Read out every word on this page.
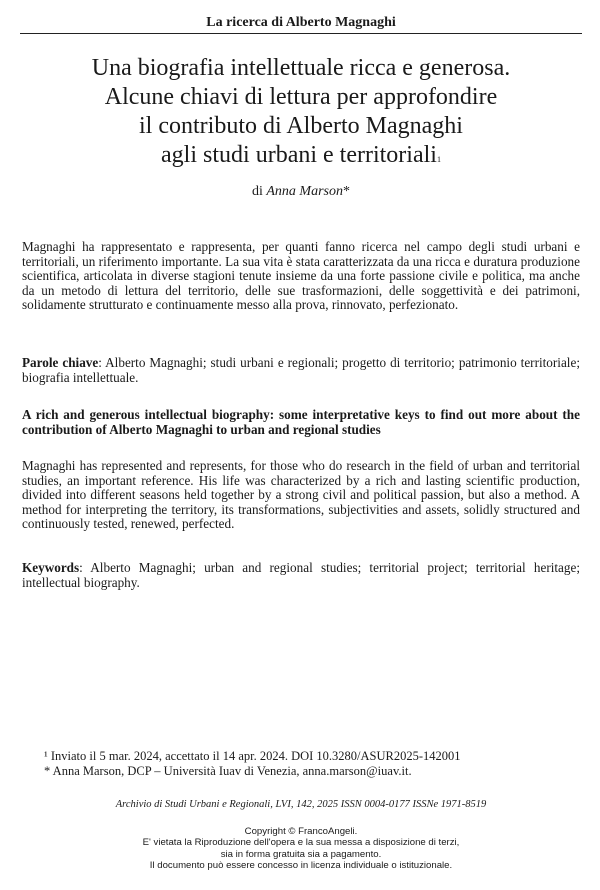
La ricerca di Alberto Magnaghi
Una biografia intellettuale ricca e generosa.
Alcune chiavi di lettura per approfondire
il contributo di Alberto Magnaghi
agli studi urbani e territoriali$^1$
di Anna Marson*

Magnaghi ha rappresentato e rappresenta, per quanti fanno ricerca nel campo degli studi urbani e territoriali, un riferimento importante. La sua vita è stata caratterizzata da una ricca e duratura produzione scientifica, articolata in diverse stagioni tenute insieme da una forte passione civile e politica, ma anche da un metodo di lettura del territorio, delle sue trasformazioni, delle soggettività e dei patrimoni, solidamente strutturato e continuamente messo alla prova, rinnovato, perfezionato.

Parole chiave: Alberto Magnaghi; studi urbani e regionali; progetto di territorio; patrimonio territoriale; biografia intellettuale.

A rich and generous intellectual biography: some interpretative keys to find out more about the contribution of Alberto Magnaghi to urban and regional studies

Magnaghi has represented and represents, for those who do research in the field of urban and territorial studies, an important reference. His life was characterized by a rich and lasting scientific production, divided into different seasons held together by a strong civil and political passion, but also a method. A method for interpreting the territory, its transformations, subjectivities and assets, solidly structured and continuously tested, renewed, perfected.

Keywords: Alberto Magnaghi; urban and regional studies; territorial project; territorial heritage; intellectual biography.

¹ Inviato il 5 mar. 2024, accettato il 14 apr. 2024. DOI 10.3280/ASUR2025-142001
* Anna Marson, DCP – Università Iuav di Venezia, anna.marson@iuav.it.
Archivio di Studi Urbani e Regionali, LVI, 142, 2025 ISSN 0004-0177 ISSNe 1971-8519
Copyright © FrancoAngeli.
E' vietata la Riproduzione dell'opera e la sua messa a disposizione di terzi,
sia in forma gratuita sia a pagamento.
Il documento può essere concesso in licenza individuale o istituzionale.
